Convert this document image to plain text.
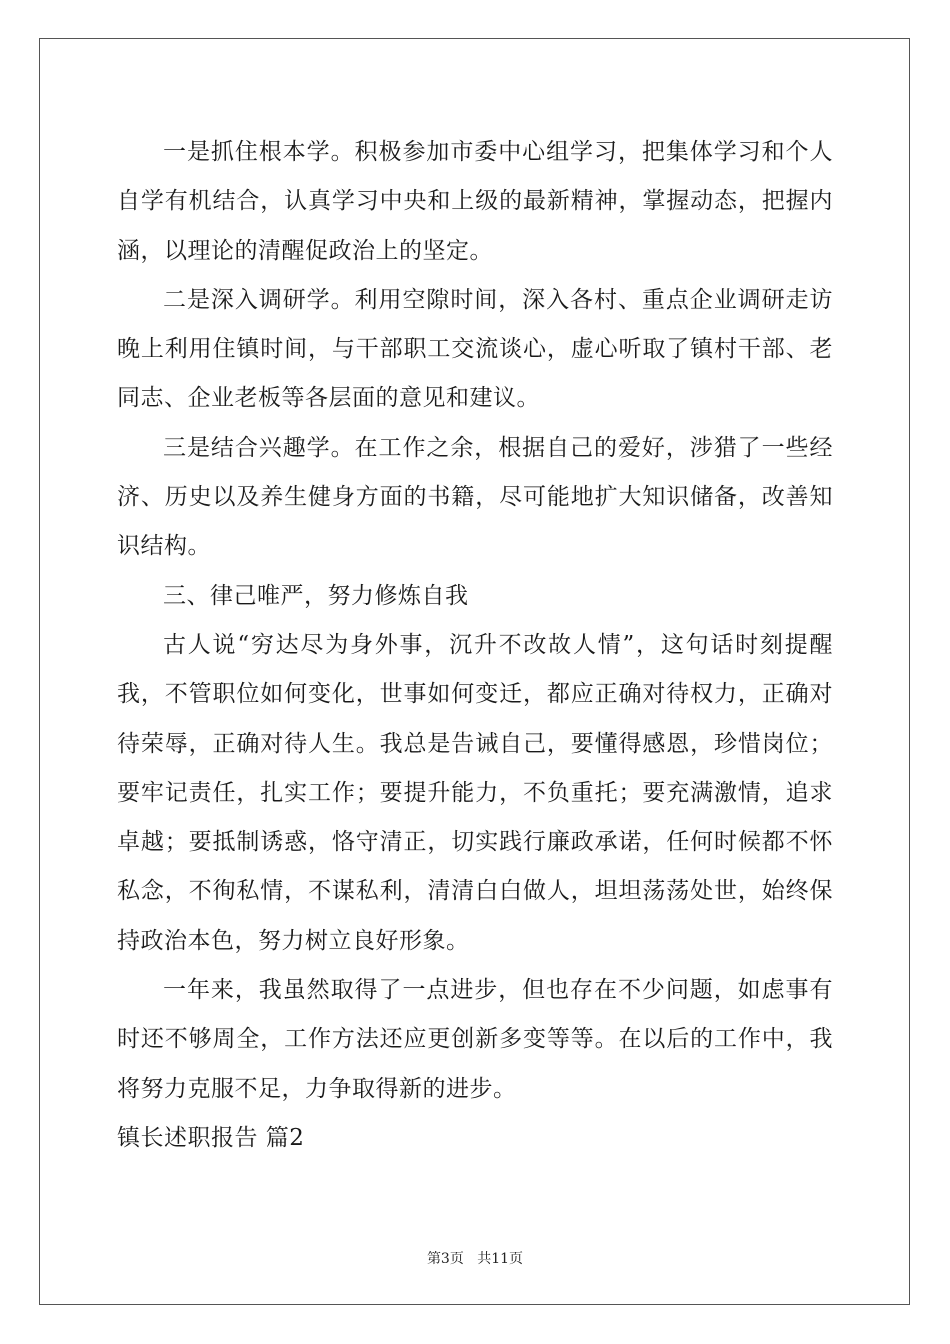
一是抓住根本学。积极参加市委中心组学习，把集体学习和个人自学有机结合，认真学习中央和上级的最新精神，掌握动态，把握内涵，以理论的清醒促政治上的坚定。

二是深入调研学。利用空隙时间，深入各村、重点企业调研走访晚上利用住镇时间，与干部职工交流谈心，虚心听取了镇村干部、老同志、企业老板等各层面的意见和建议。

三是结合兴趣学。在工作之余，根据自己的爱好，涉猎了一些经济、历史以及养生健身方面的书籍，尽可能地扩大知识储备，改善知识结构。

三、律己唯严，努力修炼自我

古人说“穷达尽为身外事，沉升不改故人情”，这句话时刻提醒我，不管职位如何变化，世事如何变迁，都应正确对待权力，正确对待荣辱，正确对待人生。我总是告诫自己，要懂得感恩，珍惜岗位；要牢记责任，扎实工作；要提升能力，不负重托；要充满激情，追求卓越；要抵制诱惑，恪守清正，切实践行廉政承诺，任何时候都不怀私念，不徇私情，不谋私利，清清白白做人，坦坦荡荡处世，始终保持政治本色，努力树立良好形象。

一年来，我虽然取得了一点进步，但也存在不少问题，如虑事有时还不够周全，工作方法还应更创新多变等等。在以后的工作中，我将努力克服不足，力争取得新的进步。

镇长述职报告 篇2

第3页 共11页
